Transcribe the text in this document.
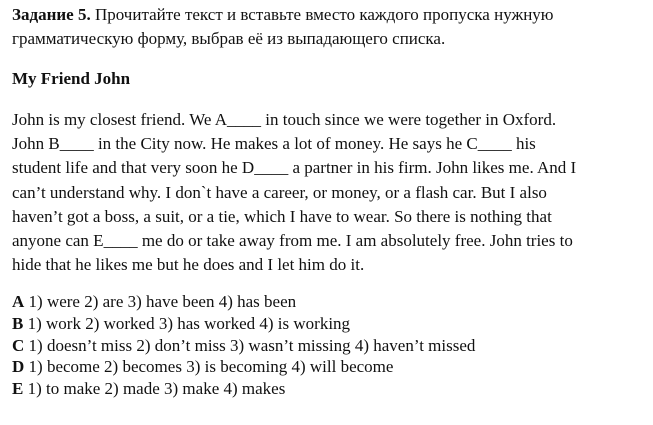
Задание 5. Прочитайте текст и вставьте вместо каждого пропуска нужную грамматическую форму, выбрав её из выпадающего списка.

My Friend John

John is my closest friend. We A____ in touch since we were together in Oxford.
John B____ in the City now. He makes a lot of money. He says he C____ his
student life and that very soon he D____ a partner in his firm. John likes me. And I
can’t understand why. I don`t have a career, or money, or a flash car. But I also
haven’t got a boss, a suit, or a tie, which I have to wear. So there is nothing that
anyone can E____ me do or take away from me. I am absolutely free. John tries to
hide that he likes me but he does and I let him do it.

A 1) were 2) are 3) have been 4) has been
B 1) work 2) worked 3) has worked 4) is working
C 1) doesn’t miss 2) don’t miss 3) wasn’t missing 4) haven’t missed
D 1) become 2) becomes 3) is becoming 4) will become
E 1) to make 2) made 3) make 4) makes
